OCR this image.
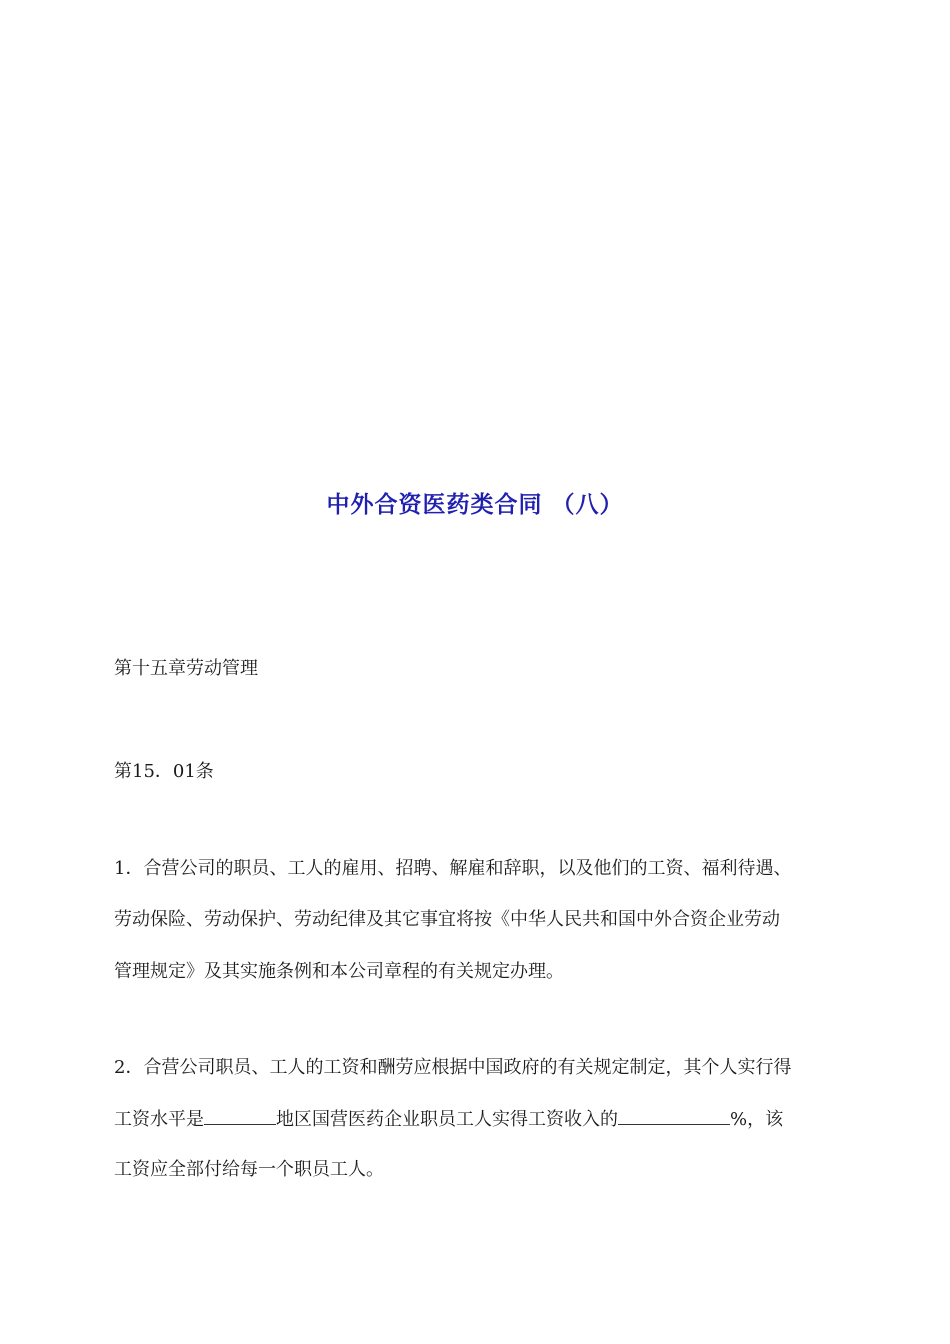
中外合资医药类合同 （八）
第十五章劳动管理
第15．01条
1．合营公司的职员、工人的雇用、招聘、解雇和辞职，以及他们的工资、福利待遇、
劳动保险、劳动保护、劳动纪律及其它事宜将按《中华人民共和国中外合资企业劳动
管理规定》及其实施条例和本公司章程的有关规定办理。
2．合营公司职员、工人的工资和酬劳应根据中国政府的有关规定制定，其个人实行得
工资水平是	地区国营医药企业职员工人实得工资收入的	%，该
工资应全部付给每一个职员工人。
